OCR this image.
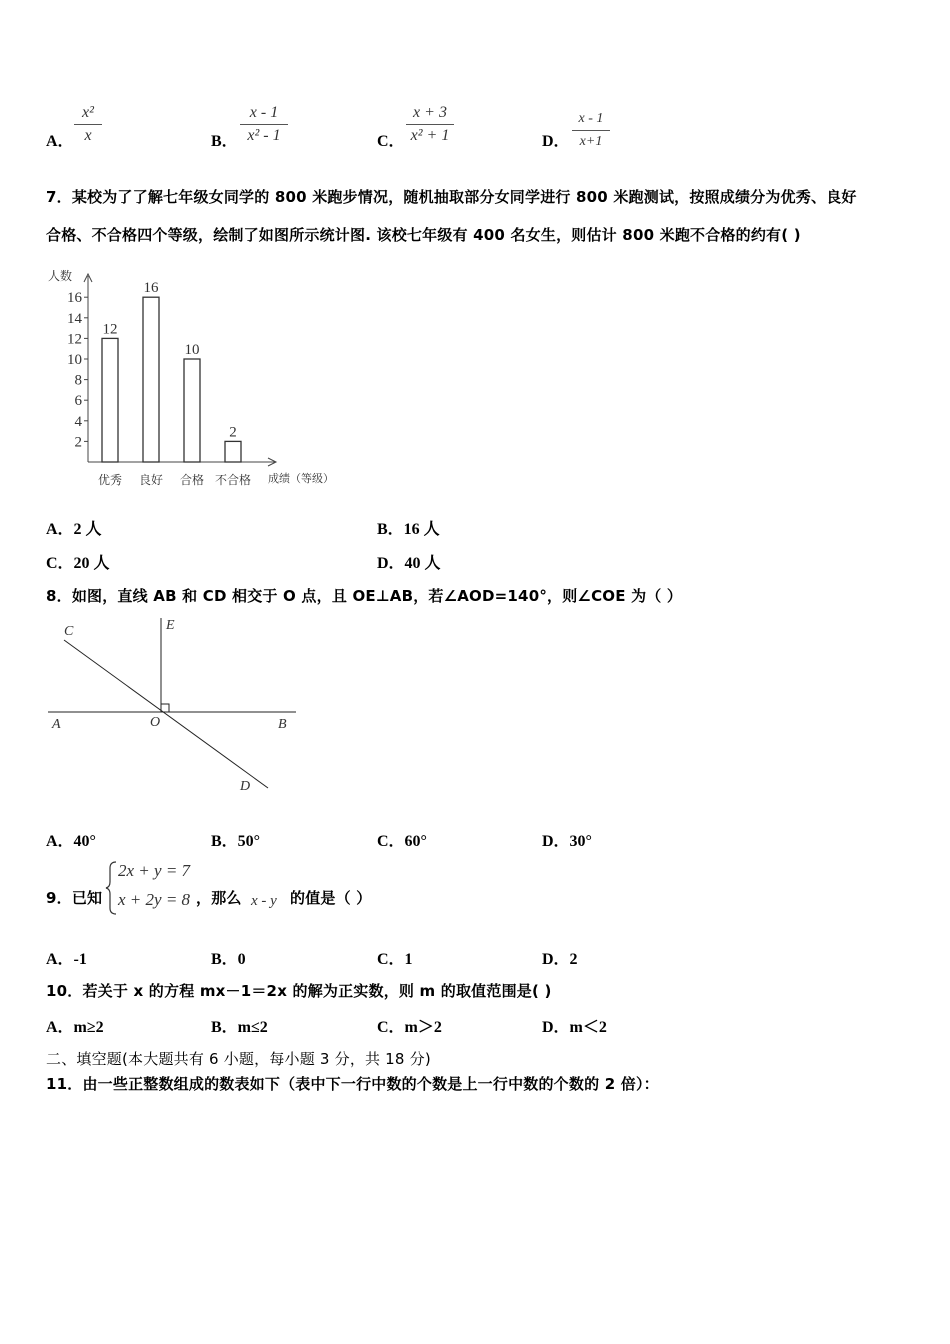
A．
x²
x	B．
x - 1
x² - 1	C．
x + 3
x² + 1	D．
x - 1
x+1
7．某校为了了解七年级女同学的 800 米跑步情况，随机抽取部分女同学进行 800 米跑测试，按照成绩分为优秀、良好
合格、不合格四个等级，绘制了如图所示统计图. 该校七年级有 400 名女生，则估计 800 米跑不合格的约有( )
人数
成绩（等级）
2
4
6
8
10
12
14
16
12
优秀
16
良好
10
合格
2
不合格
A．2 人	B．16 人
C．20 人	D．40 人
8．如图，直线 AB 和 CD 相交于 O 点，且 OE⊥AB，若∠AOD=140°，则∠COE 为（ ）
C	E
A	O	B
D
A．40°	B．50°	C．60°	D．30°
9．已知
2x + y = 7
x + 2y = 8 ，那么 x - y 的值是（ ）
A．-1	B．0	C．1	D．2
10．若关于 x 的方程 mx－1＝2x 的解为正实数，则 m 的取值范围是( )
A．m≥2	B．m≤2	C．m＞2	D．m＜2
二、填空题(本大题共有 6 小题，每小题 3 分，共 18 分)
11．由一些正整数组成的数表如下（表中下一行中数的个数是上一行中数的个数的 2 倍）：
